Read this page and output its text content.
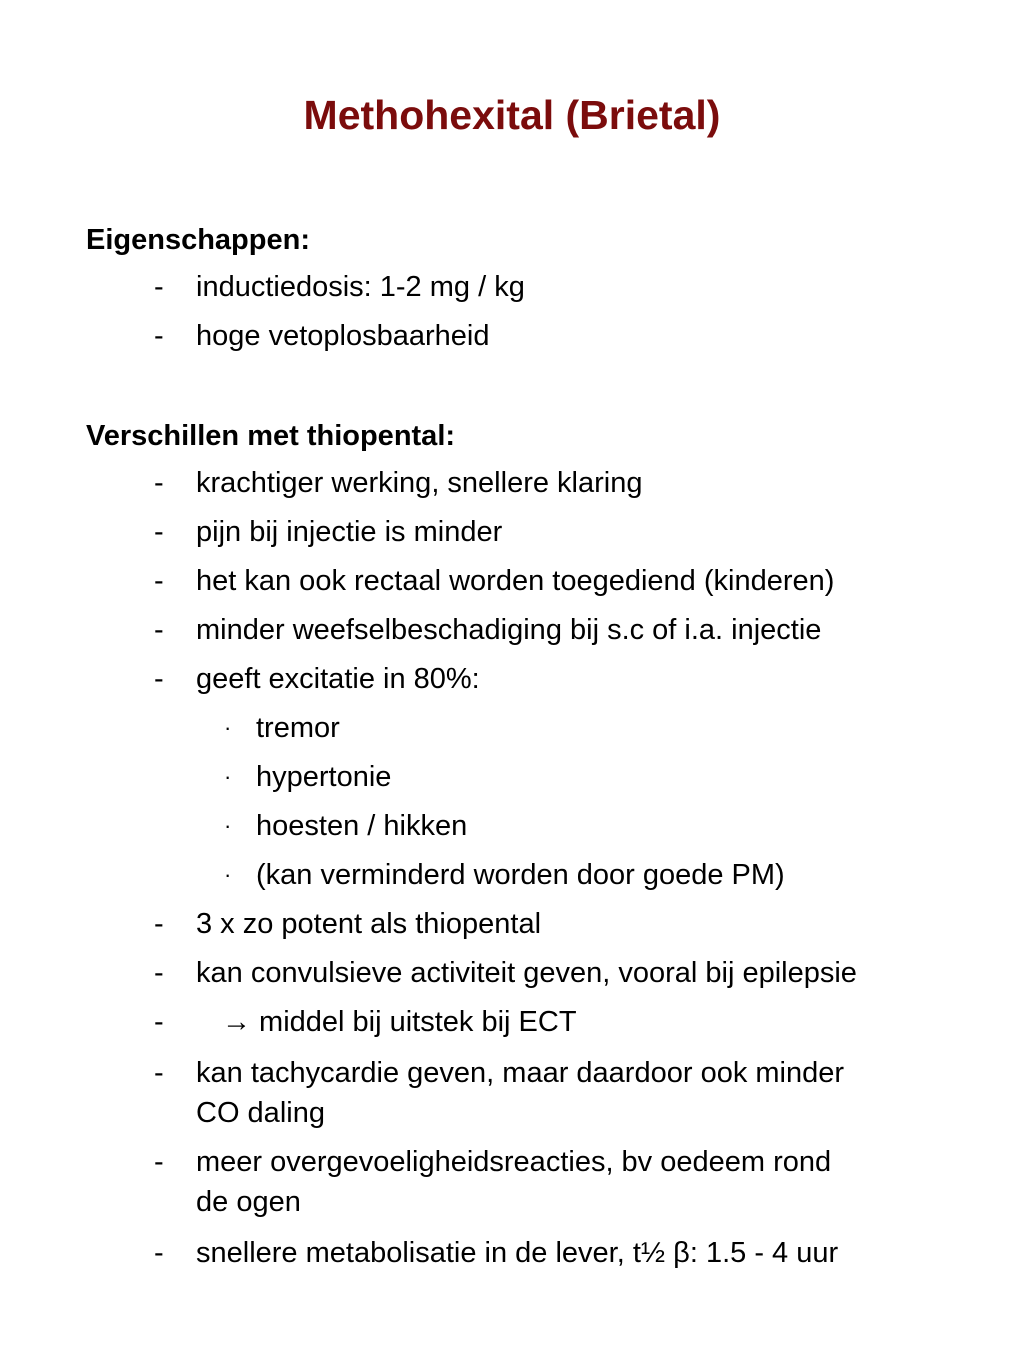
Methohexital (Brietal)
Eigenschappen:
- inductiedosis: 1-2 mg / kg
- hoge vetoplosbaarheid
Verschillen met thiopental:
- krachtiger werking, snellere klaring
- pijn bij injectie is minder
- het kan ook rectaal worden toegediend (kinderen)
- minder weefselbeschadiging bij s.c of i.a. injectie
- geeft excitatie in 80%:
· tremor
· hypertonie
· hoesten / hikken
· (kan verminderd worden door goede PM)
- 3 x zo potent als thiopental
- kan convulsieve activiteit geven, vooral bij epilepsie
- → middel bij uitstek bij ECT
- kan tachycardie geven, maar daardoor ook minder
CO daling
- meer overgevoeligheidsreacties, bv oedeem rond
de ogen
- snellere metabolisatie in de lever, t½ β: 1.5 - 4 uur
